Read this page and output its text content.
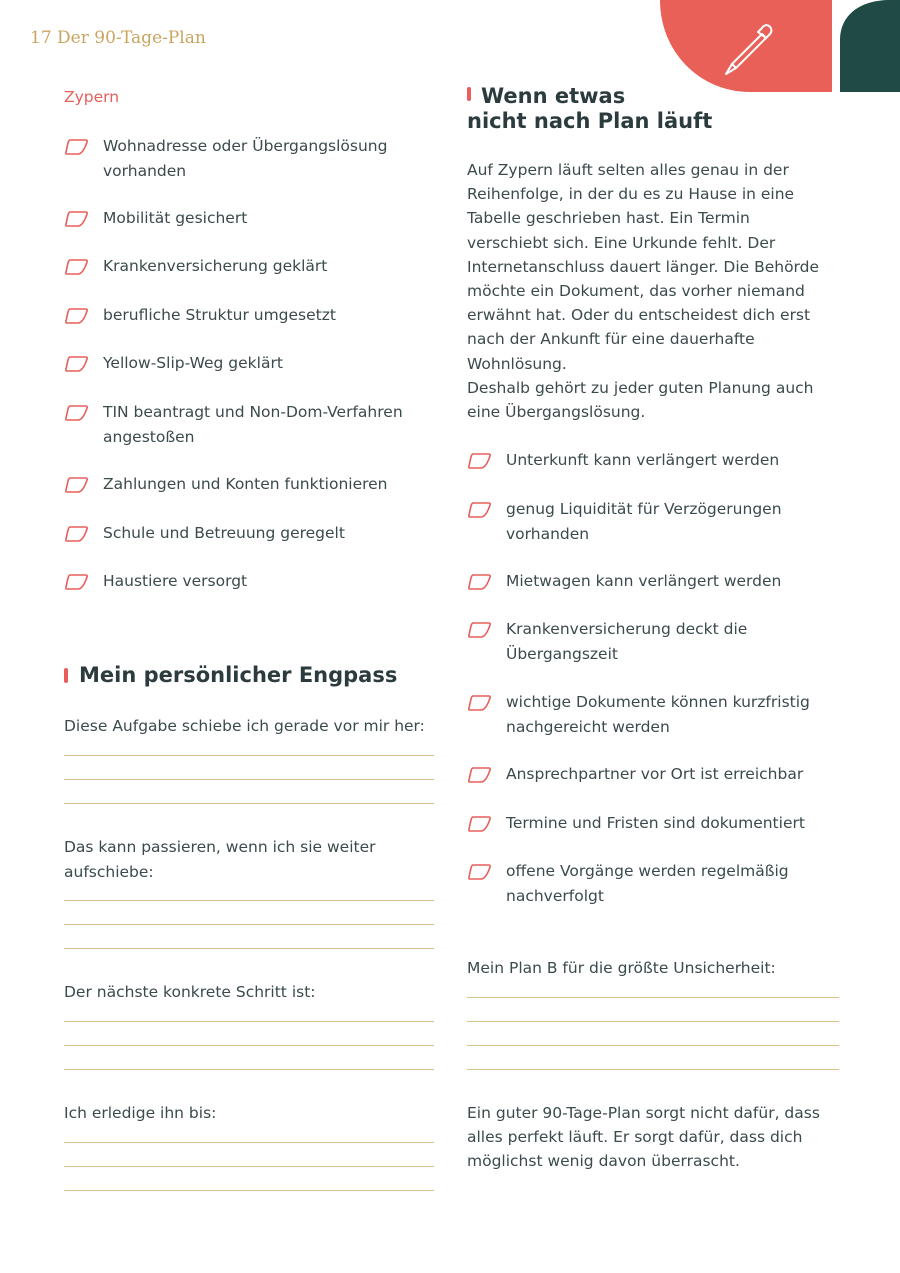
17 Der 90-Tage-Plan
Zypern
Wohnadresse oder Übergangslösung vorhanden
Mobilität gesichert
Krankenversicherung geklärt
berufliche Struktur umgesetzt
Yellow-Slip-Weg geklärt
TIN beantragt und Non-Dom-Verfahren angestoßen
Zahlungen und Konten funktionieren
Schule und Betreuung geregelt
Haustiere versorgt
Mein persönlicher Engpass
Diese Aufgabe schiebe ich gerade vor mir her:
Das kann passieren, wenn ich sie weiter aufschiebe:
Der nächste konkrete Schritt ist:
Ich erledige ihn bis:
Wenn etwas
nicht nach Plan läuft

Auf Zypern läuft selten alles genau in der Reihenfolge, in der du es zu Hause in eine Tabelle geschrieben hast. Ein Termin verschiebt sich. Eine Urkunde fehlt. Der Internetanschluss dauert länger. Die Behörde möchte ein Dokument, das vorher niemand erwähnt hat. Oder du entscheidest dich erst nach der Ankunft für eine dauerhafte Wohnlösung.

Deshalb gehört zu jeder guten Planung auch eine Übergangslösung.

Unterkunft kann verlängert werden
genug Liquidität für Verzögerungen vorhanden
Mietwagen kann verlängert werden
Krankenversicherung deckt die Übergangszeit
wichtige Dokumente können kurzfristig nachgereicht werden
Ansprechpartner vor Ort ist erreichbar
Termine und Fristen sind dokumentiert
offene Vorgänge werden regelmäßig nachverfolgt
Mein Plan B für die größte Unsicherheit:

Ein guter 90-Tage-Plan sorgt nicht dafür, dass alles perfekt läuft. Er sorgt dafür, dass dich möglichst wenig davon überrascht.
